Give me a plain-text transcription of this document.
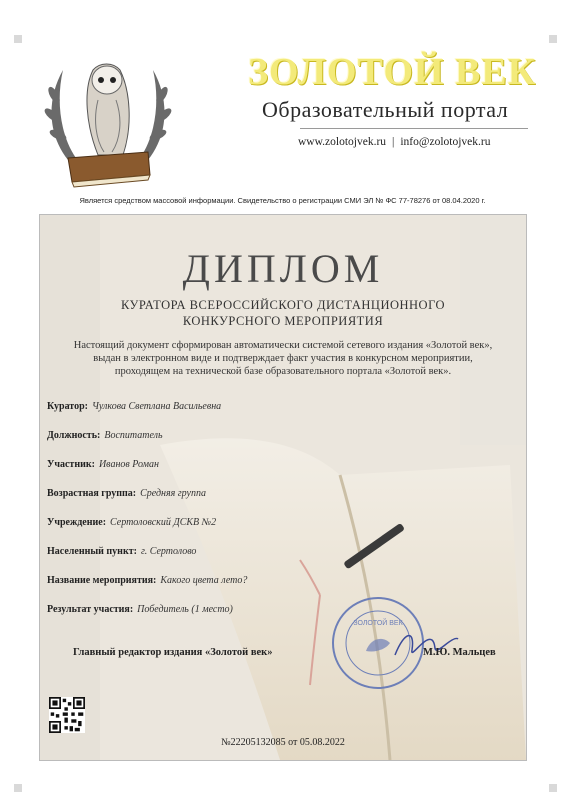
ЗОЛОТОЙ ВЕК
Образовательный портал
www.zolotojvek.ru | info@zolotojvek.ru
Является средством массовой информации. Свидетельство о регистрации СМИ ЭЛ № ФС 77-78276 от 08.04.2020 г.
ДИПЛОМ
КУРАТОРА ВСЕРОССИЙСКОГО ДИСТАНЦИОННОГО
КОНКУРСНОГО МЕРОПРИЯТИЯ
Настоящий документ сформирован автоматически системой сетевого издания «Золотой век»,
выдан в электронном виде и подтверждает факт участия в конкурсном мероприятии,
проходящем на технической базе образовательного портала «Золотой век».
Куратор: Чулкова Светлана Васильевна
Должность: Воспитатель
Участник: Иванов Роман
Возрастная группа: Средняя группа
Учреждение: Сертоловский ДСКВ №2
Населенный пункт: г. Сертолово
Название мероприятия: Какого цвета лето?
Результат участия: Победитель (1 место)
ЗОЛОТОЙ ВЕК
Главный редактор издания «Золотой век»	М.Ю. Мальцев
№22205132085 от 05.08.2022
